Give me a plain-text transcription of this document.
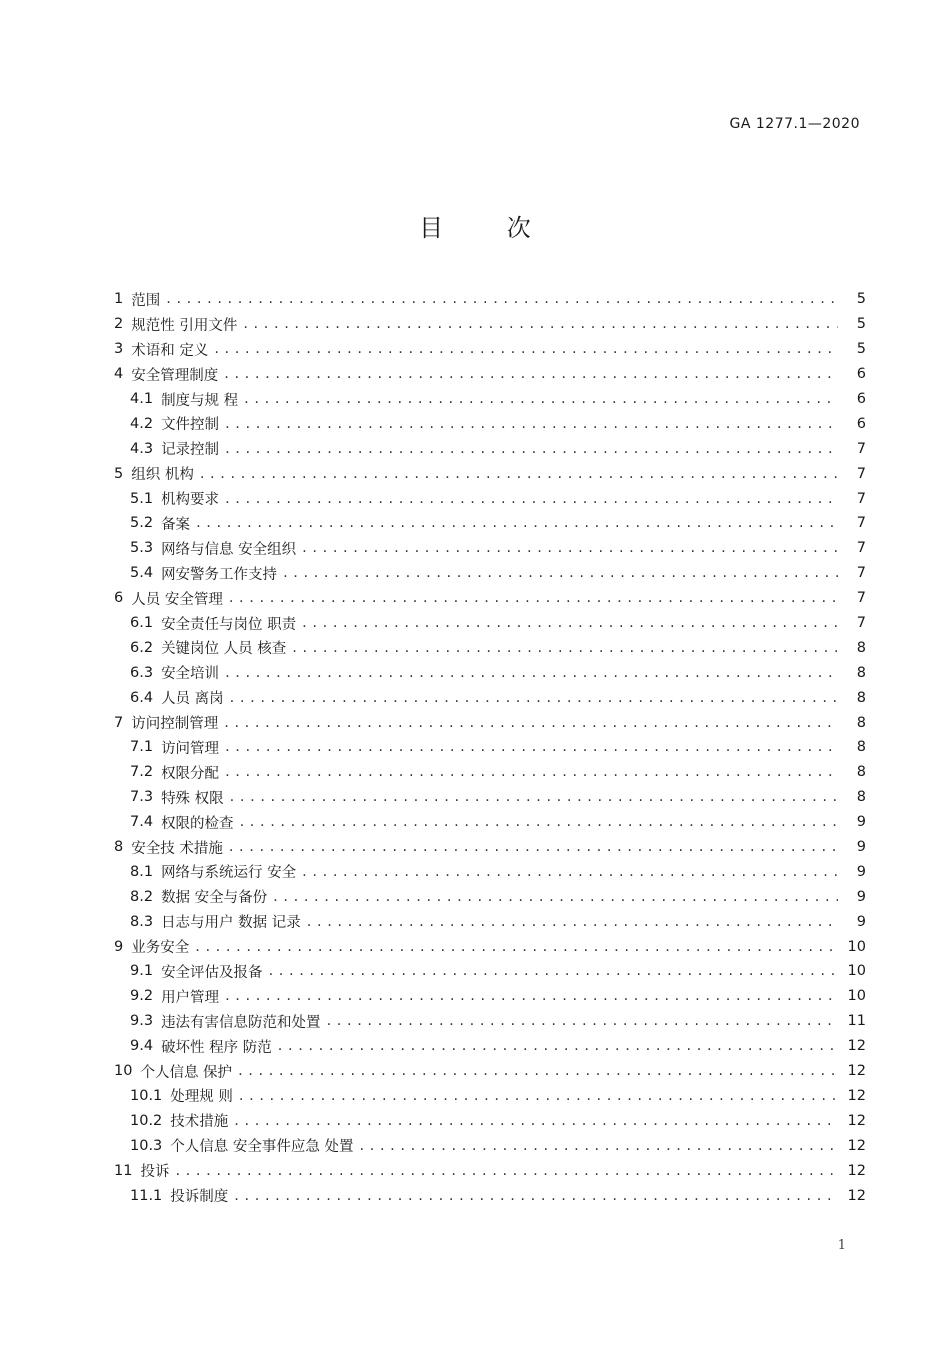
GA 1277.1—2020
目 次
1 范围 . . .	5
2 规范性 引用文件 . . .	5
3 术语和 定义 . . .	5
4 安全管理制度 . . .	6
4.1 制度与规 程 . . .	6
4.2 文件控制 . . .	6
4.3 记录控制 . . .	7
5 组织 机构 . . .	7
5.1 机构要求 . . .	7
5.2 备案 . . .	7
5.3 网络与信息 安全组织 . . .	7
5.4 网安警务工作支持 . . .	7
6 人员 安全管理 . . .	7
6.1 安全责任与岗位 职责 . . .	7
6.2 关键岗位 人员 核查 . . .	8
6.3 安全培训 . . .	8
6.4 人员 离岗 . . .	8
7 访问控制管理 . . .	8
7.1 访问管理 . . .	8
7.2 权限分配 . . .	8
7.3 特殊 权限 . . .	8
7.4 权限的检查 . . .	9
8 安全技 术措施 . . .	9
8.1 网络与系统运行 安全 . . .	9
8.2 数据 安全与备份 . . .	9
8.3 日志与用户 数据 记录 . . .	9
9 业务安全 . . .	10
9.1 安全评估及报备 . . .	10
9.2 用户管理 . . .	10
9.3 违法有害信息防范和处置 . . .	11
9.4 破坏性 程序 防范 . . .	12
10 个人信息 保护 . . .	12
10.1 处理规 则 . . .	12
10.2 技术措施 . . .	12
10.3 个人信息 安全事件应急 处置 . . .	12
11 投诉 . . .	12
11.1 投诉制度 . . .	12
1
